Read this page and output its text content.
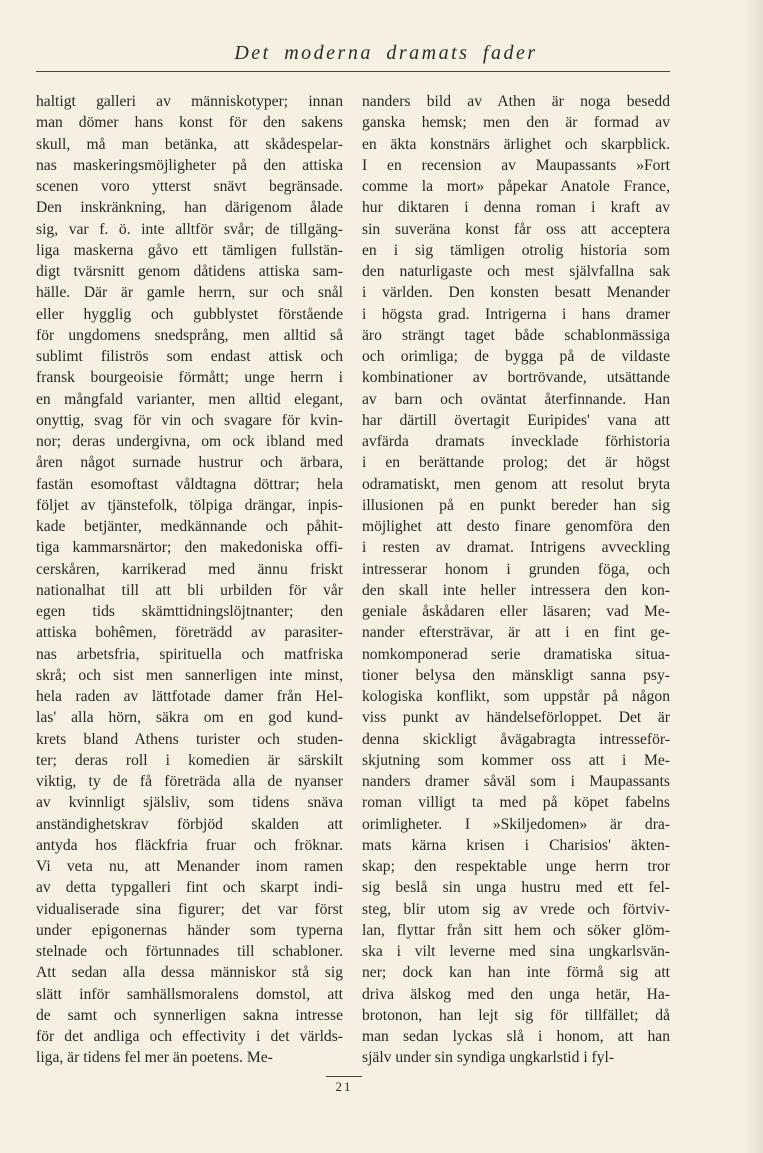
Det moderna dramats fader
haltigt galleri av människotyper; innan
man dömer hans konst för den sakens
skull, må man betänka, att skådespelar-
nas maskeringsmöjligheter på den attiska
scenen voro ytterst snävt begränsade.
Den inskränkning, han därigenom ålade
sig, var f. ö. inte alltför svår; de tillgäng-
liga maskerna gåvo ett tämligen fullstän-
digt tvärsnitt genom dåtidens attiska sam-
hälle. Där är gamle herrn, sur och snål
eller hygglig och gubblystet förstående
för ungdomens snedsprång, men alltid så
sublimt filiströs som endast attisk och
fransk bourgeoisie förmått; unge herrn i
en mångfald varianter, men alltid elegant,
onyttig, svag för vin och svagare för kvin-
nor; deras undergivna, om ock ibland med
åren något surnade hustrur och ärbara,
fastän esomoftast våldtagna döttrar; hela
följet av tjänstefolk, tölpiga drängar, inpis-
kade betjänter, medkännande och påhit-
tiga kammarsnärtor; den makedoniska offi-
cerskåren, karrikerad med ännu friskt
nationalhat till att bli urbilden för vår
egen tids skämttidningslöjtnanter; den
attiska bohêmen, företrädd av parasiter-
nas arbetsfria, spirituella och matfriska
skrå; och sist men sannerligen inte minst,
hela raden av lättfotade damer från Hel-
las' alla hörn, säkra om en god kund-
krets bland Athens turister och studen-
ter; deras roll i komedien är särskilt
viktig, ty de få företräda alla de nyanser
av kvinnligt själsliv, som tidens snäva
anständighetskrav förbjöd skalden att
antyda hos fläckfria fruar och fröknar.
Vi veta nu, att Menander inom ramen
av detta typgalleri fint och skarpt indi-
vidualiserade sina figurer; det var först
under epigonernas händer som typerna
stelnade och förtunnades till schabloner.
Att sedan alla dessa människor stå sig
slätt inför samhällsmoralens domstol, att
de samt och synnerligen sakna intresse
för det andliga och effectivity i det världs-
liga, är tidens fel mer än poetens. Me-
nanders bild av Athen är noga besedd
ganska hemsk; men den är formad av
en äkta konstnärs ärlighet och skarpblick.
I en recension av Maupassants »Fort
comme la mort» påpekar Anatole France,
hur diktaren i denna roman i kraft av
sin suveräna konst får oss att acceptera
en i sig tämligen otrolig historia som
den naturligaste och mest självfallna sak
i världen. Den konsten besatt Menander
i högsta grad. Intrigerna i hans dramer
äro strängt taget både schablonmässiga
och orimliga; de bygga på de vildaste
kombinationer av bortrövande, utsättande
av barn och oväntat återfinnande. Han
har därtill övertagit Euripides' vana att
avfärda dramats invecklade förhistoria
i en berättande prolog; det är högst
odramatiskt, men genom att resolut bryta
illusionen på en punkt bereder han sig
möjlighet att desto finare genomföra den
i resten av dramat. Intrigens avveckling
intresserar honom i grunden föga, och
den skall inte heller intressera den kon-
geniale åskådaren eller läsaren; vad Me-
nander eftersträvar, är att i en fint ge-
nomkomponerad serie dramatiska situa-
tioner belysa den mänskligt sanna psy-
kologiska konflikt, som uppstår på någon
viss punkt av händelseförloppet. Det är
denna skickligt åvägabragta intresseför-
skjutning som kommer oss att i Me-
nanders dramer såväl som i Maupassants
roman villigt ta med på köpet fabelns
orimligheter. I »Skiljedomen» är dra-
mats kärna krisen i Charisios' äkten-
skap; den respektable unge herrn tror
sig beslå sin unga hustru med ett fel-
steg, blir utom sig av vrede och förtviv-
lan, flyttar från sitt hem och söker glöm-
ska i vilt leverne med sina ungkarlsvän-
ner; dock kan han inte förmå sig att
driva älskog med den unga hetär, Ha-
brotonon, han lejt sig för tillfället; då
man sedan lyckas slå i honom, att han
själv under sin syndiga ungkarlstid i fyl-
21
